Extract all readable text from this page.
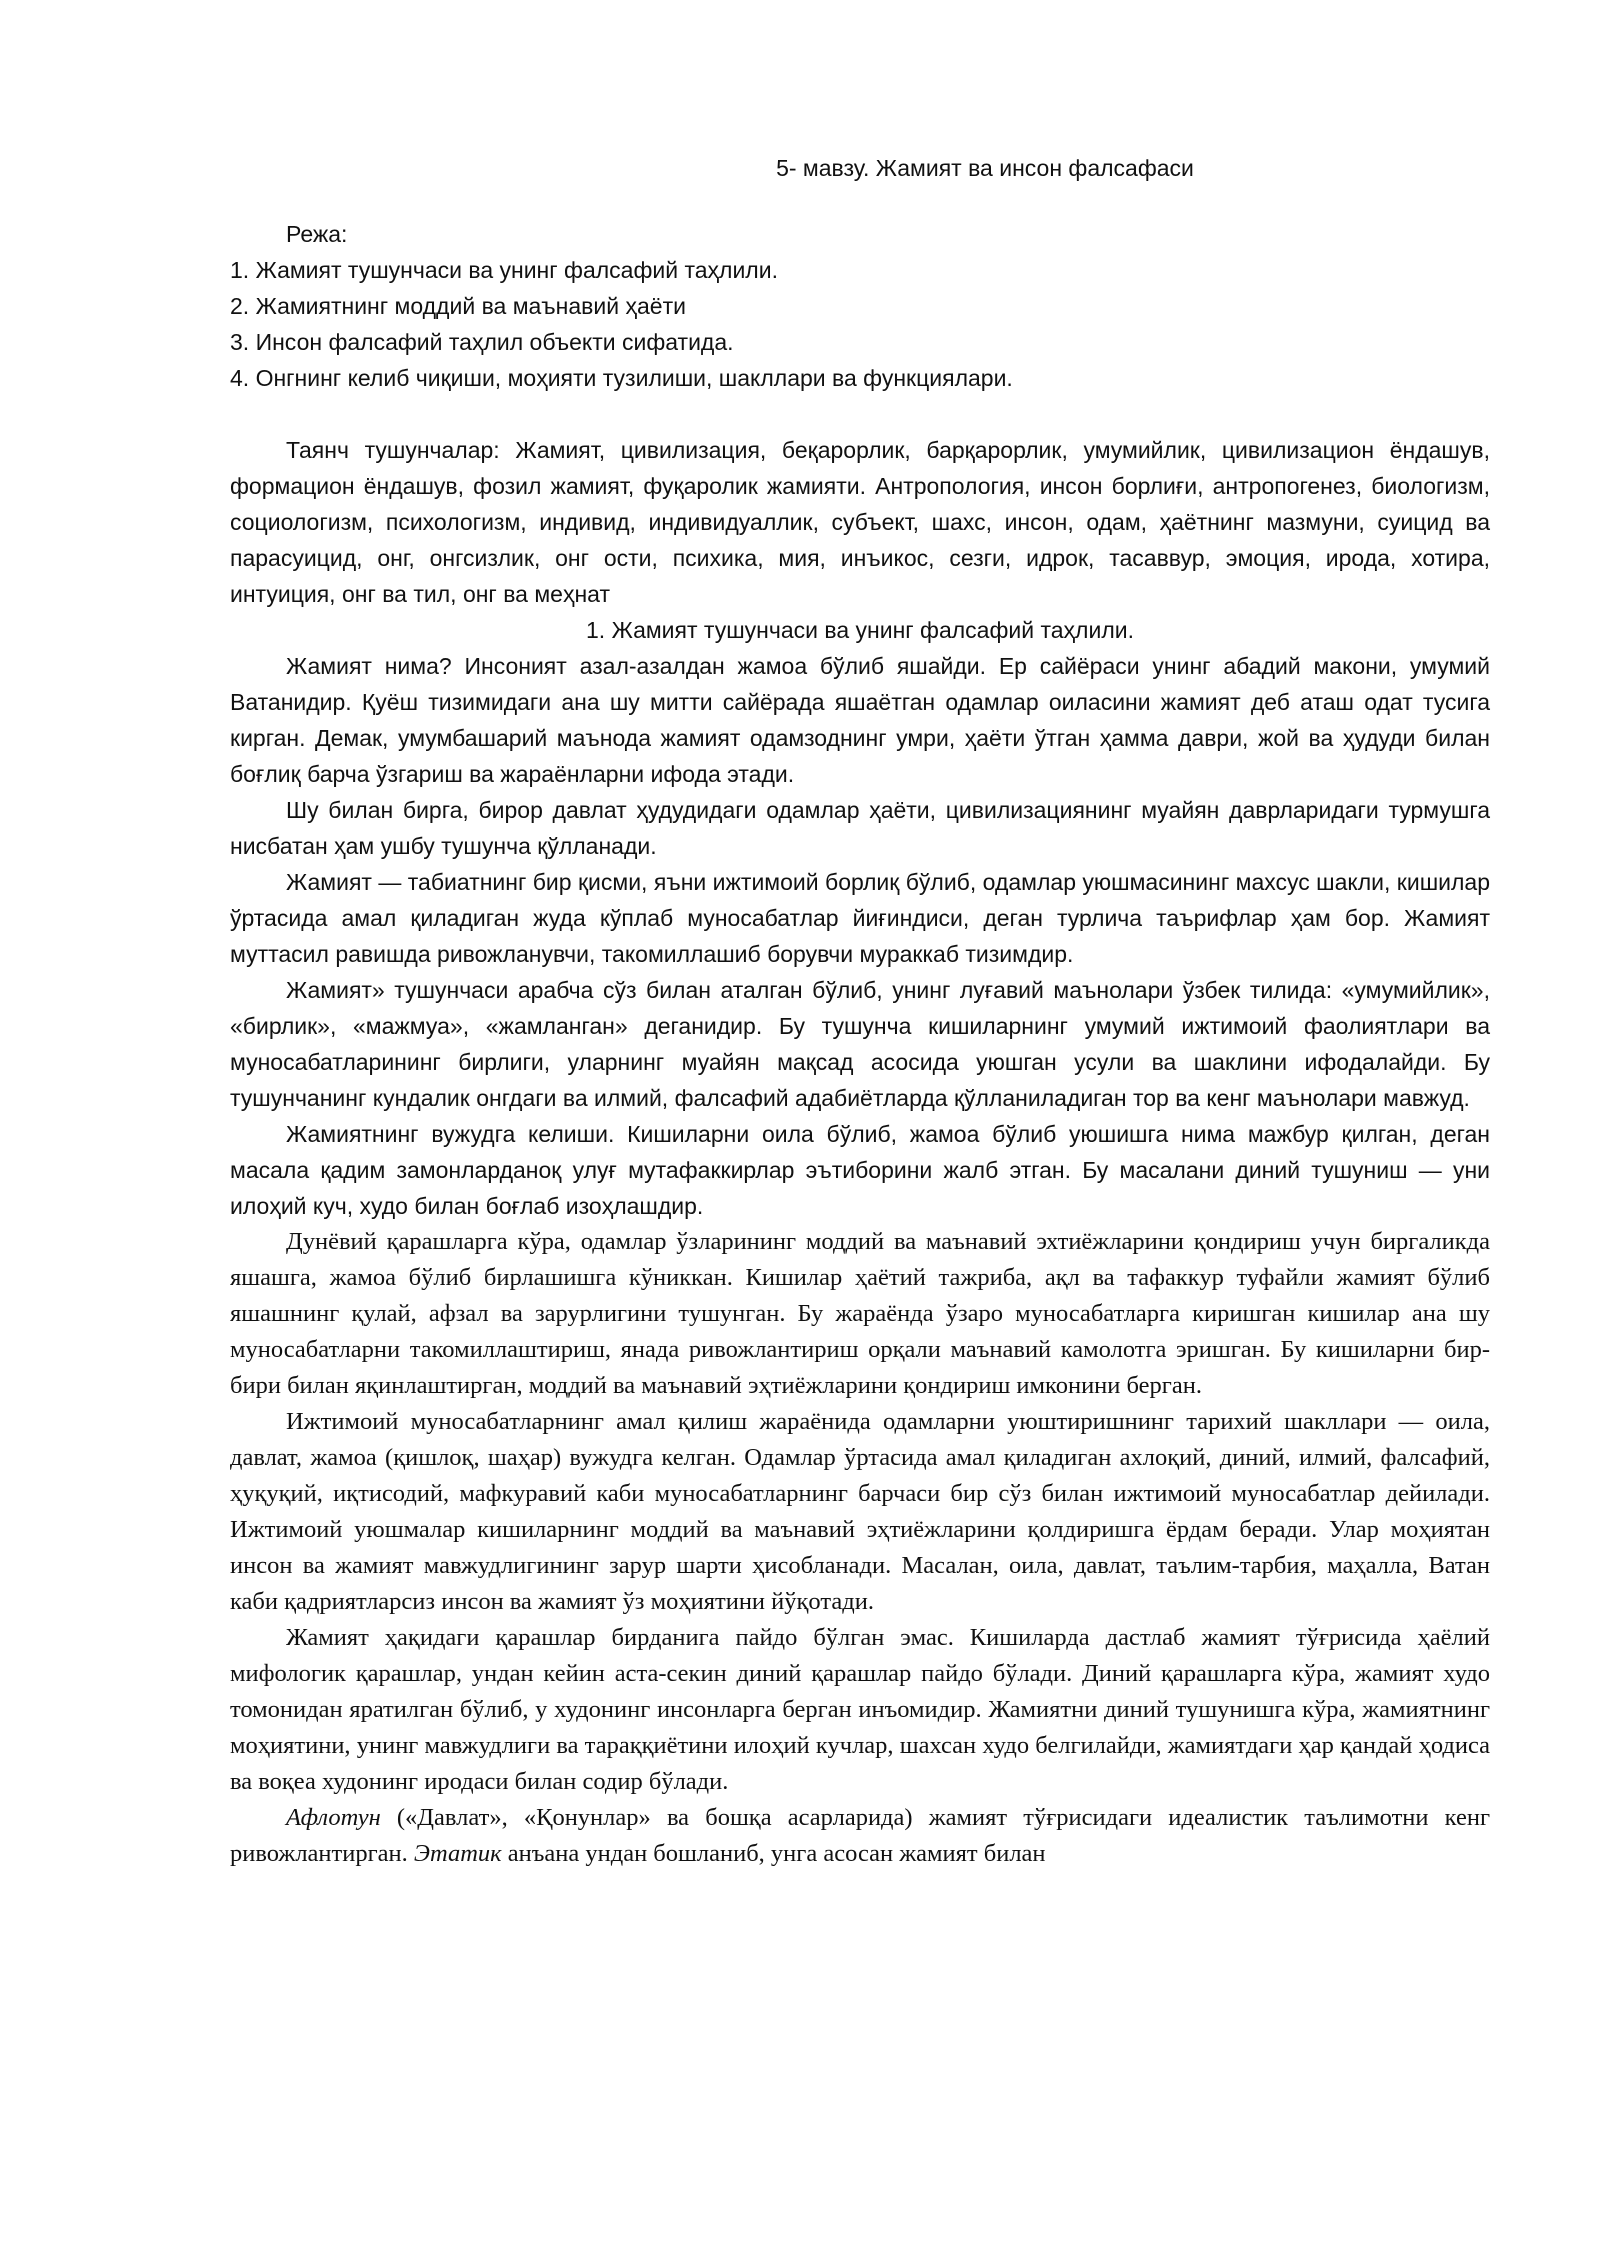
5- мавзу. Жамият ва инсон фалсафаси

Режа:

1. Жамият тушунчаси ва унинг фалсафий таҳлили.
2. Жамиятнинг моддий ва маънавий ҳаёти
3. Инсон фалсафий таҳлил объекти сифатида.
4. Онгнинг келиб чиқиши, моҳияти тузилиши, шакллари ва функциялари.

Таянч тушунчалар: Жамият, цивилизация, беқарорлик, барқарорлик, умумийлик, цивилизацион ёндашув, формацион ёндашув, фозил жамият, фуқаролик жамияти. Антропология, инсон борлиғи, антропогенез, биологизм, социологизм, психологизм, индивид, индивидуаллик, субъект, шахс, инсон, одам, ҳаётнинг мазмуни, суицид ва парасуицид, онг, онгсизлик, онг ости, психика, мия, инъикос, сезги, идрок, тасаввур, эмоция, ирода, хотира, интуиция, онг ва тил, онг ва меҳнат

1. Жамият тушунчаси ва унинг фалсафий таҳлили.

Жамият нима? Инсоният азал-азалдан жамоа бўлиб яшайди. Ер сайёраси унинг абадий макони, умумий Ватанидир. Қуёш тизимидаги ана шу митти сайёрада яшаётган одамлар оиласини жамият деб аташ одат тусига кирган. Демак, умумбашарий маънода жамият одамзоднинг умри, ҳаёти ўтган ҳамма даври, жой ва ҳудуди билан боғлиқ барча ўзгариш ва жараёнларни ифода этади.

Шу билан бирга, бирор давлат ҳудудидаги одамлар ҳаёти, цивилизациянинг муайян даврларидаги турмушга нисбатан ҳам ушбу тушунча қўлланади.

Жамият — табиатнинг бир қисми, яъни ижтимоий борлиқ бўлиб, одамлар уюшмасининг махсус шакли, кишилар ўртасида амал қиладиган жуда кўплаб муносабатлар йиғиндиси, деган турлича таърифлар ҳам бор. Жамият муттасил равишда ривожланувчи, такомиллашиб борувчи мураккаб тизимдир.

Жамият» тушунчаси арабча сўз билан аталган бўлиб, унинг луғавий маънолари ўзбек тилида: «умумийлик», «бирлик», «мажмуа», «жамланган» деганидир. Бу тушунча кишиларнинг умумий ижтимоий фаолиятлари ва муносабатларининг бирлиги, уларнинг муайян мақсад асосида уюшган усули ва шаклини ифодалайди. Бу тушунчанинг кундалик онгдаги ва илмий, фалсафий адабиётларда қўлланиладиган тор ва кенг маънолари мавжуд.

Жамиятнинг вужудга келиши. Кишиларни оила бўлиб, жамоа бўлиб уюшишга нима мажбур қилган, деган масала қадим замонларданоқ улуғ мутафаккирлар эътиборини жалб этган. Бу масалани диний тушуниш — уни илоҳий куч, худо билан боғлаб изоҳлашдир.

Дунёвий қарашларга кўра, одамлар ўзларининг моддий ва маънавий эхтиёжларини қондириш учун биргаликда яшашга, жамоа бўлиб бирлашишга кўниккан. Кишилар ҳаётий тажриба, ақл ва тафаккур туфайли жамият бўлиб яшашнинг қулай, афзал ва зарурлигини тушунган. Бу жараёнда ўзаро муносабатларга киришган кишилар ана шу муносабатларни такомиллаштириш, янада ривожлантириш орқали маънавий камолотга эришган. Бу кишиларни бир-бири билан яқинлаштирган, моддий ва маънавий эҳтиёжларини қондириш имконини берган.

Ижтимоий муносабатларнинг амал қилиш жараёнида одамларни уюштиришнинг тарихий шакллари — оила, давлат, жамоа (қишлоқ, шаҳар) вужудга келган. Одамлар ўртасида амал қиладиган ахлоқий, диний, илмий, фалсафий, ҳуқуқий, иқтисодий, мафкуравий каби муносабатларнинг барчаси бир сўз билан ижтимоий муносабатлар дейилади. Ижтимоий уюшмалар кишиларнинг моддий ва маънавий эҳтиёжларини қолдиришга ёрдам беради. Улар моҳиятан инсон ва жамият мавжудлигининг зарур шарти ҳисобланади. Масалан, оила, давлат, таълим-тарбия, маҳалла, Ватан каби қадриятларсиз инсон ва жамият ўз моҳиятини йўқотади.

Жамият ҳақидаги қарашлар бирданига пайдо бўлган эмас. Кишиларда дастлаб жамият тўғрисида ҳаёлий мифологик қарашлар, ундан кейин аста-секин диний қарашлар пайдо бўлади. Диний қарашларга кўра, жамият худо томонидан яратилган бўлиб, у худонинг инсонларга берган инъомидир. Жамиятни диний тушунишга кўра, жамиятнинг моҳиятини, унинг мавжудлиги ва тараққиётини илоҳий кучлар, шахсан худо белгилайди, жамиятдаги ҳар қандай ҳодиса ва воқеа худонинг иродаси билан содир бўлади.

Афлотун («Давлат», «Қонунлар» ва бошқа асарларида) жамият тўғрисидаги идеалистик таълимотни кенг ривожлантирган. Этатик анъана ундан бошланиб, унга асосан жамият билан
